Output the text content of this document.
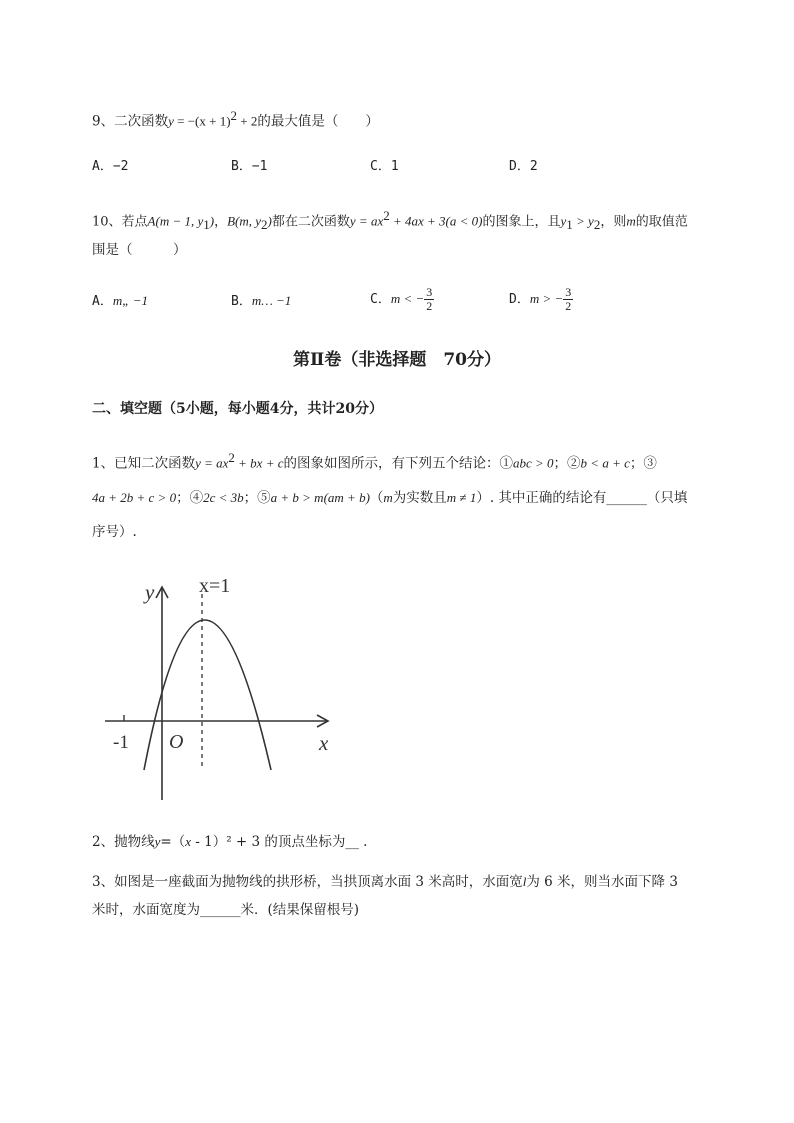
9、二次函数$y = -(x + 1)^2 + 2$的最大值是（　　）
A．−2	B．−1	C．1	D．2
10、若点A(m − 1, $y_1$)，B(m, $y_2$)都在二次函数$y = ax^2 + 4ax + 3(a < 0)$的图象上，且$y_1 > y_2$，则m的取值范
围是（　　　）
A．m„ −1	B．m… −1	C．m < − $\frac{3}{2}$	D．m > − $\frac{3}{2}$
第Ⅱ卷（非选择题　70分）
二、填空题（5小题，每小题4分，共计20分）
1、已知二次函数$y = ax^2$ + bx + c的图象如图所示，有下列五个结论：①abc > 0；②b < a + c；③
4a + 2b + c > 0；④2c < 3b；⑤a + b > m(am + b)（m为实数且m ≠ 1）. 其中正确的结论有______（只填
序号）.
y
x
O
-1
x=1
2、抛物线y=（x - 1）² + 3 的顶点坐标为__ .
3、如图是一座截面为抛物线的拱形桥，当拱顶离水面 3 米高时，水面宽l为 6 米，则当水面下降 3
米时，水面宽度为______米．(结果保留根号)
